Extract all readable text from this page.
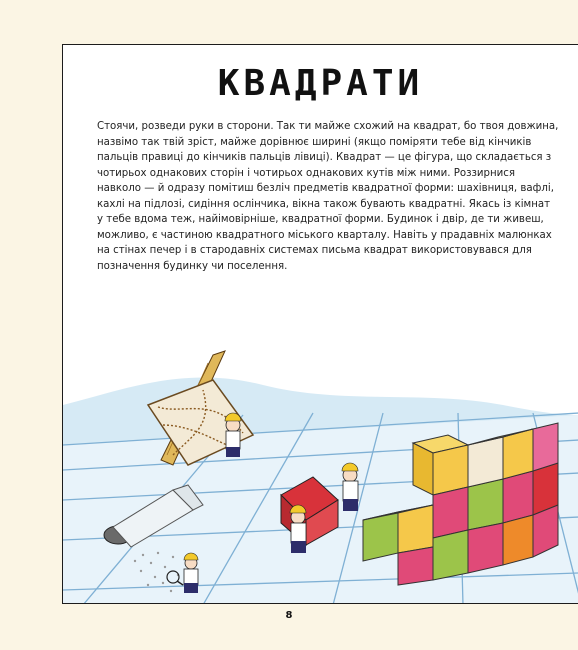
КВАДРАТИ

Стоячи, розведи руки в сторони. Так ти майже схожий на квадрат, бо твоя довжина, назвімо так твій зріст, майже дорівнює ширині (якщо поміряти тебе від кінчиків пальців правиці до кінчиків пальців лівиці). Квадрат — це фігура, що складається з чотирьох однакових сторін і чотирьох однакових кутів між ними. Роззирнися навколо — й одразу помітиш безліч предметів квадратної форми: шахівниця, вафлі, кахлі на підлозі, сидіння ослінчика, вікна також бувають квадратні. Якась із кімнат у тебе вдома теж, найімовірніше, квадратної форми. Будинок і двір, де ти живеш, можливо, є частиною квадратного міського кварталу. Навіть у прадавніх малюнках на стінах печер і в стародавніх системах письма квадрат використовувався для позначення будинку чи поселення.

8
